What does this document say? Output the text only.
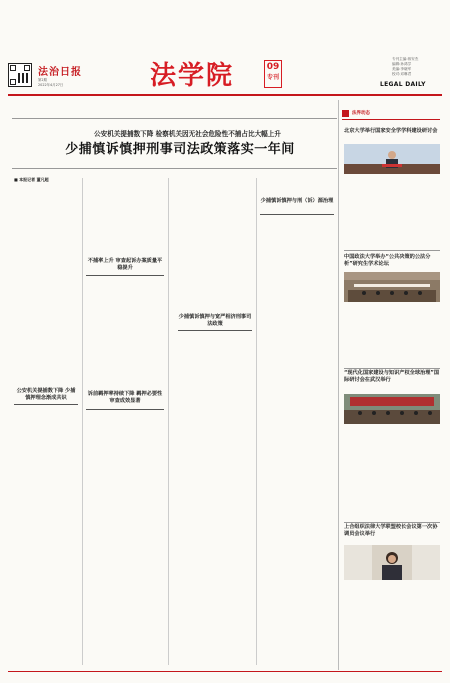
法治日报
第2期
2022年4月27日	法学院	09
专刊
专刊主编:蒋安杰
编辑:孙鸿学
美编:李晓军
校对:邓琳君
LEGAL DAILY
公安机关提捕数下降 检察机关因无社会危险性不捕占比大幅上升
少捕慎诉慎押刑事司法政策落实一年间
■ 本报记者 董凡超
公安机关提捕数下降 少捕慎押理念渐成共识
不捕率上升 审查起诉办案质量平稳提升
诉前羁押率持续下降 羁押必要性审查成效显著
少捕慎诉慎押与刑（诉）源治理
少捕慎诉慎押与宽严相济刑事司法政策
法界动态
北京大学举行国家安全学学科建设研讨会
中国政法大学举办“公共决策的公法分析”研究生学术论坛
“现代化国家建设与知识产权全球治理”国际研讨会在武汉举行
上合组织法律大学联盟校长会议第一次协调员会议举行
